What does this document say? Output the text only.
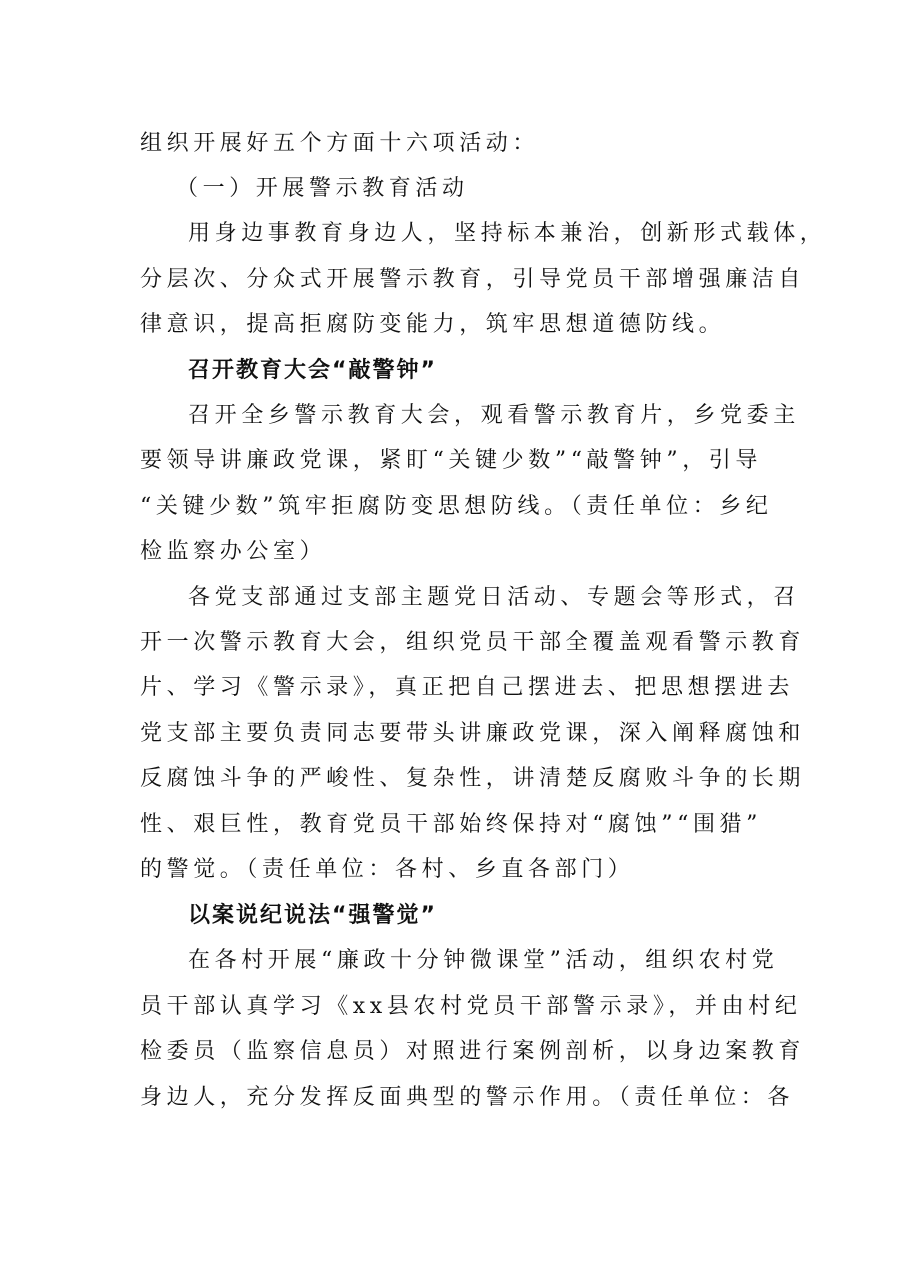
组织开展好五个方面十六项活动：
（一）开展警示教育活动
用身边事教育身边人，坚持标本兼治，创新形式载体，
分层次、分众式开展警示教育，引导党员干部增强廉洁自
律意识，提高拒腐防变能力，筑牢思想道德防线。
召开教育大会“敲警钟”
召开全乡警示教育大会，观看警示教育片，乡党委主
要领导讲廉政党课，紧盯“关键少数”“敲警钟”，引导
“关键少数”筑牢拒腐防变思想防线。（责任单位：乡纪
检监察办公室）
各党支部通过支部主题党日活动、专题会等形式，召
开一次警示教育大会，组织党员干部全覆盖观看警示教育
片、学习《警示录》，真正把自己摆进去、把思想摆进去
党支部主要负责同志要带头讲廉政党课，深入阐释腐蚀和
反腐蚀斗争的严峻性、复杂性，讲清楚反腐败斗争的长期
性、艰巨性，教育党员干部始终保持对“腐蚀”“围猎”
的警觉。（责任单位：各村、乡直各部门）
以案说纪说法“强警觉”
在各村开展“廉政十分钟微课堂”活动，组织农村党
员干部认真学习《xx县农村党员干部警示录》，并由村纪
检委员（监察信息员）对照进行案例剖析，以身边案教育
身边人，充分发挥反面典型的警示作用。（责任单位：各
